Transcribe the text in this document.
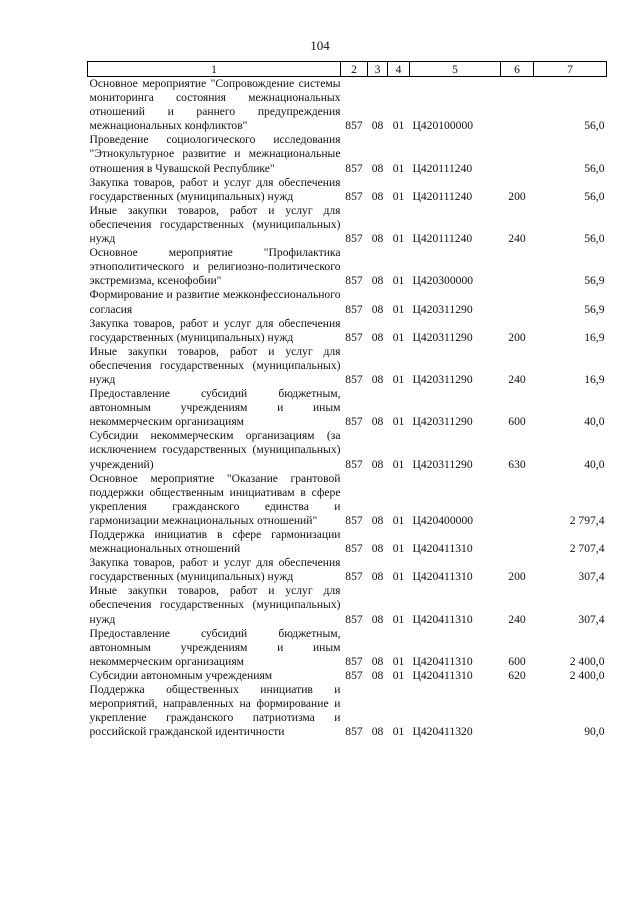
104
1	2	3	4	5	6	7
Основное мероприятие "Сопровождение системы мониторинга состояния межнациональных отношений и раннего предупреждения межнациональных конфликтов"	857	08	01	Ц420100000		56,0
Проведение социологического исследования "Этнокультурное развитие и межнациональные отношения в Чувашской Республике"	857	08	01	Ц420111240		56,0
Закупка товаров, работ и услуг для обеспечения государственных (муниципальных) нужд	857	08	01	Ц420111240	200	56,0
Иные закупки товаров, работ и услуг для обеспечения государственных (муниципальных) нужд	857	08	01	Ц420111240	240	56,0
Основное мероприятие "Профилактика этнополитического и религиозно-политического экстремизма, ксенофобии"	857	08	01	Ц420300000		56,9
Формирование и развитие межконфессионального согласия	857	08	01	Ц420311290		56,9
Закупка товаров, работ и услуг для обеспечения государственных (муниципальных) нужд	857	08	01	Ц420311290	200	16,9
Иные закупки товаров, работ и услуг для обеспечения государственных (муниципальных) нужд	857	08	01	Ц420311290	240	16,9
Предоставление субсидий бюджетным, автономным учреждениям и иным некоммерческим организациям	857	08	01	Ц420311290	600	40,0
Субсидии некоммерческим организациям (за исключением государственных (муниципальных) учреждений)	857	08	01	Ц420311290	630	40,0
Основное мероприятие "Оказание грантовой поддержки общественным инициативам в сфере укрепления гражданского единства и гармонизации межнациональных отношений"	857	08	01	Ц420400000		2 797,4
Поддержка инициатив в сфере гармонизации межнациональных отношений	857	08	01	Ц420411310		2 707,4
Закупка товаров, работ и услуг для обеспечения государственных (муниципальных) нужд	857	08	01	Ц420411310	200	307,4
Иные закупки товаров, работ и услуг для обеспечения государственных (муниципальных) нужд	857	08	01	Ц420411310	240	307,4
Предоставление субсидий бюджетным, автономным учреждениям и иным некоммерческим организациям	857	08	01	Ц420411310	600	2 400,0
Субсидии автономным учреждениям	857	08	01	Ц420411310	620	2 400,0
Поддержка общественных инициатив и мероприятий, направленных на формирование и укрепление гражданского патриотизма и российской гражданской идентичности	857	08	01	Ц420411320		90,0
